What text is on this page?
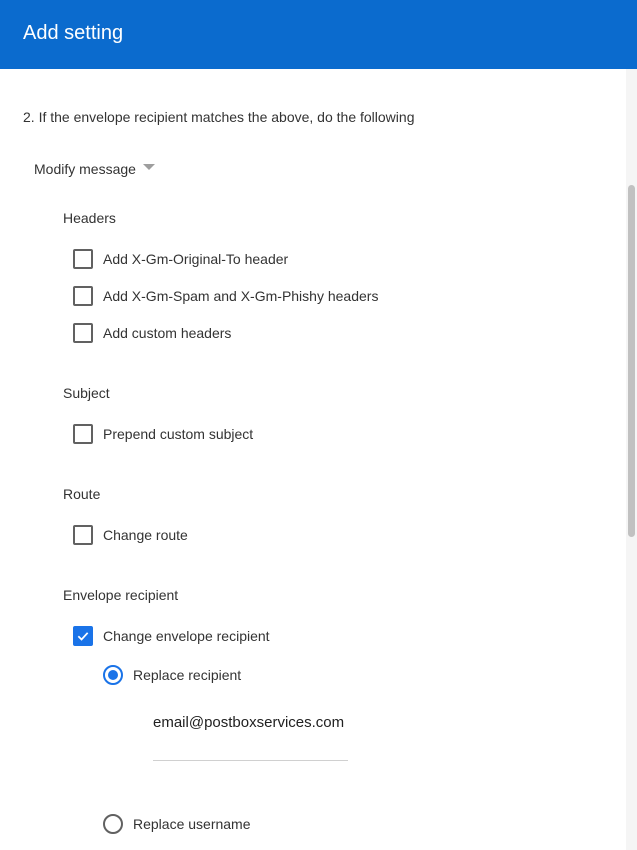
Add setting
2. If the envelope recipient matches the above, do the following
Modify message
Headers
Add X-Gm-Original-To header
Add X-Gm-Spam and X-Gm-Phishy headers
Add custom headers
Subject
Prepend custom subject
Route
Change route
Envelope recipient
Change envelope recipient
Replace recipient
email@postboxservices.com
Replace username
